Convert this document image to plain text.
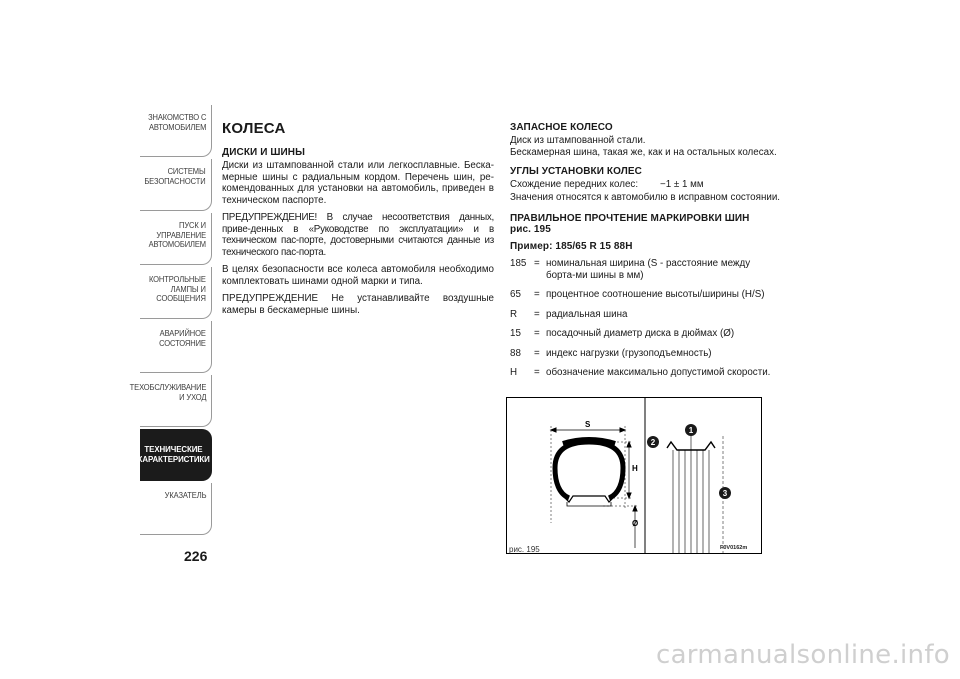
ЗНАКОМСТВО С
АВТОМОБИЛЕМ
СИСТЕМЫ
БЕЗОПАСНОСТИ
ПУСК И УПРАВЛЕНИЕ
АВТОМОБИЛЕМ
КОНТРОЛЬНЫЕ
ЛАМПЫ И
СООБЩЕНИЯ
АВАРИЙНОЕ
СОСТОЯНИЕ
ТЕХОБСЛУЖИВАНИЕ
И УХОД
ТЕХНИЧЕСКИЕ
ХАРАКТЕРИСТИКИ
УКАЗАТЕЛЬ
226
КОЛЕСА
ДИСКИ И ШИНЫ

Диски из штампованной стали или легкосплавные. Беска-мерные шины с радиальным кордом. Перечень шин, ре-комендованных для установки на автомобиль, приведен в техническом паспорте.

ПРЕДУПРЕЖДЕНИЕ! В случае несоответствия данных, приве-денных в «Руководстве по эксплуатации» и в техническом пас-порте, достоверными считаются данные из технического пас-порта.

В целях безопасности все колеса автомобиля необходимо комплектовать шинами одной марки и типа.

ПРЕДУПРЕЖДЕНИЕ Не устанавливайте воздушные камеры в бескамерные шины.

ЗАПАСНОЕ КОЛЕСО

Диск из штампованной стали.

Бескамерная шина, такая же, как и на остальных колесах.

УГЛЫ УСТАНОВКИ КОЛЕС
Схождение передних колес:	−1 ± 1 мм

Значения относятся к автомобилю в исправном состоянии.

ПРАВИЛЬНОЕ ПРОЧТЕНИЕ МАРКИРОВКИ ШИН
рис. 195
Пример: 185/65 R 15 88H
185 = номинальная ширина (S - расстояние между борта-ми шины в мм)
65	= процентное соотношение высоты/ширины (H/S)
R	= радиальная шина
15	= посадочный диаметр диска в дюймах (Ø)
88	= индекс нагрузки (грузоподъемность)
H	= обозначение максимально допустимой скорости.
S
H
Ø
1
2
3
рис. 195	F0V0162m
carmanualsonline.info
